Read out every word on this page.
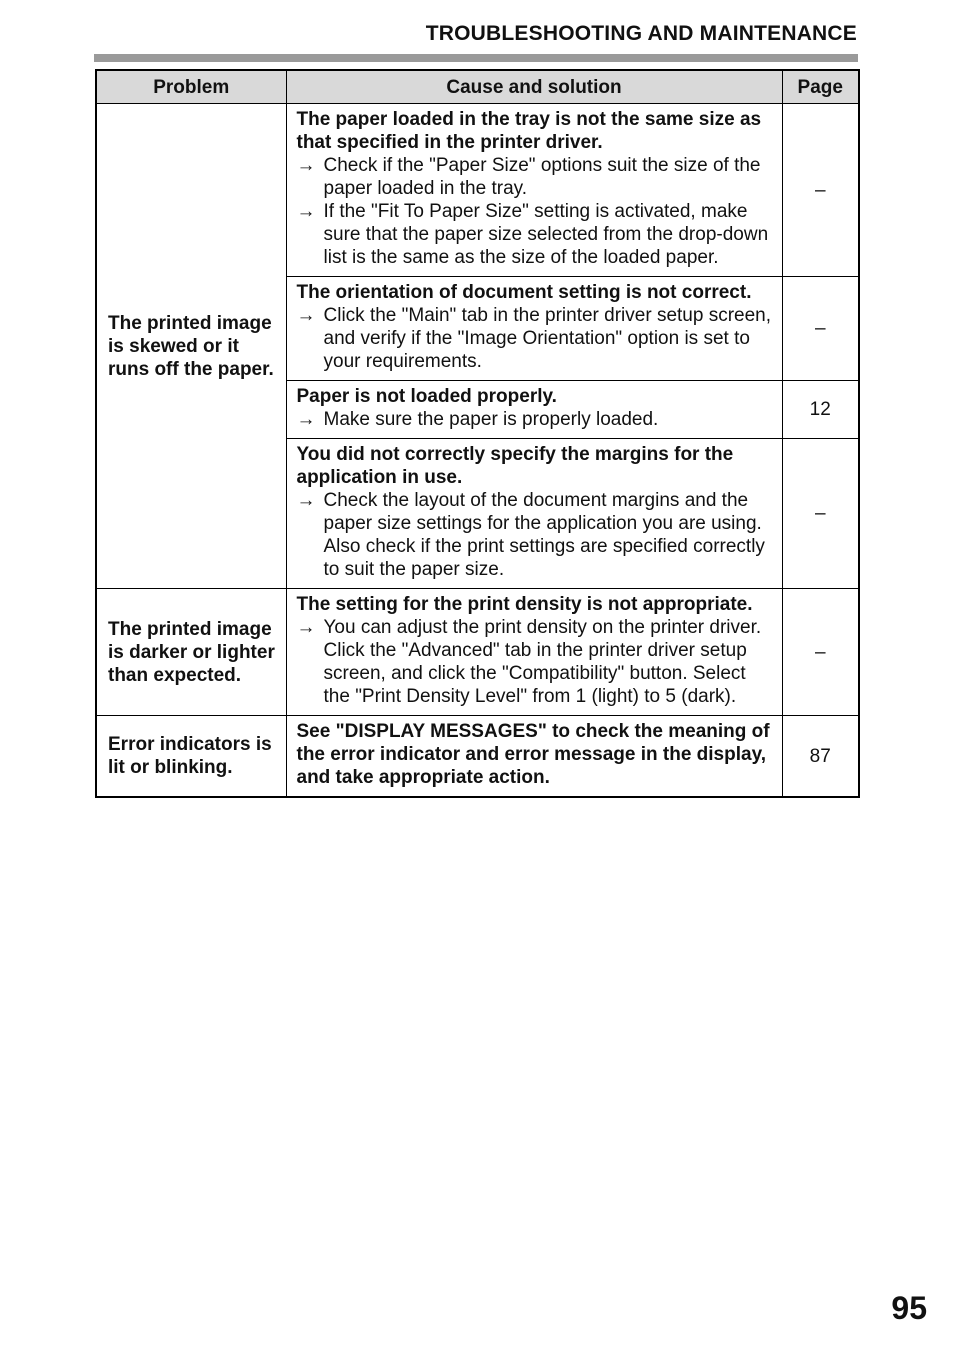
TROUBLESHOOTING AND MAINTENANCE
Problem	Cause and solution	Page
The printed image is skewed or it runs off the paper.	The paper loaded in the tray is not the same size as that specified in the printer driver.
→ Check if the "Paper Size" options suit the size of the paper loaded in the tray.
→ If the "Fit To Paper Size" setting is activated, make sure that the paper size selected from the drop-down list is the same as the size of the loaded paper.	–

	The orientation of document setting is not correct.
→ Click the "Main" tab in the printer driver setup screen, and verify if the "Image Orientation" option is set to your requirements.	–

	Paper is not loaded properly.
→ Make sure the paper is properly loaded.	12

	You did not correctly specify the margins for the application in use.
→ Check the layout of the document margins and the paper size settings for the application you are using. Also check if the print settings are specified correctly to suit the paper size.	–
The printed image is darker or lighter than expected.	The setting for the print density is not appropriate.
→ You can adjust the print density on the printer driver. Click the "Advanced" tab in the printer driver setup screen, and click the "Compatibility" button. Select the "Print Density Level" from 1 (light) to 5 (dark).	–
Error indicators is lit or blinking.	See "DISPLAY MESSAGES" to check the meaning of the error indicator and error message in the display, and take appropriate action.	87
95
